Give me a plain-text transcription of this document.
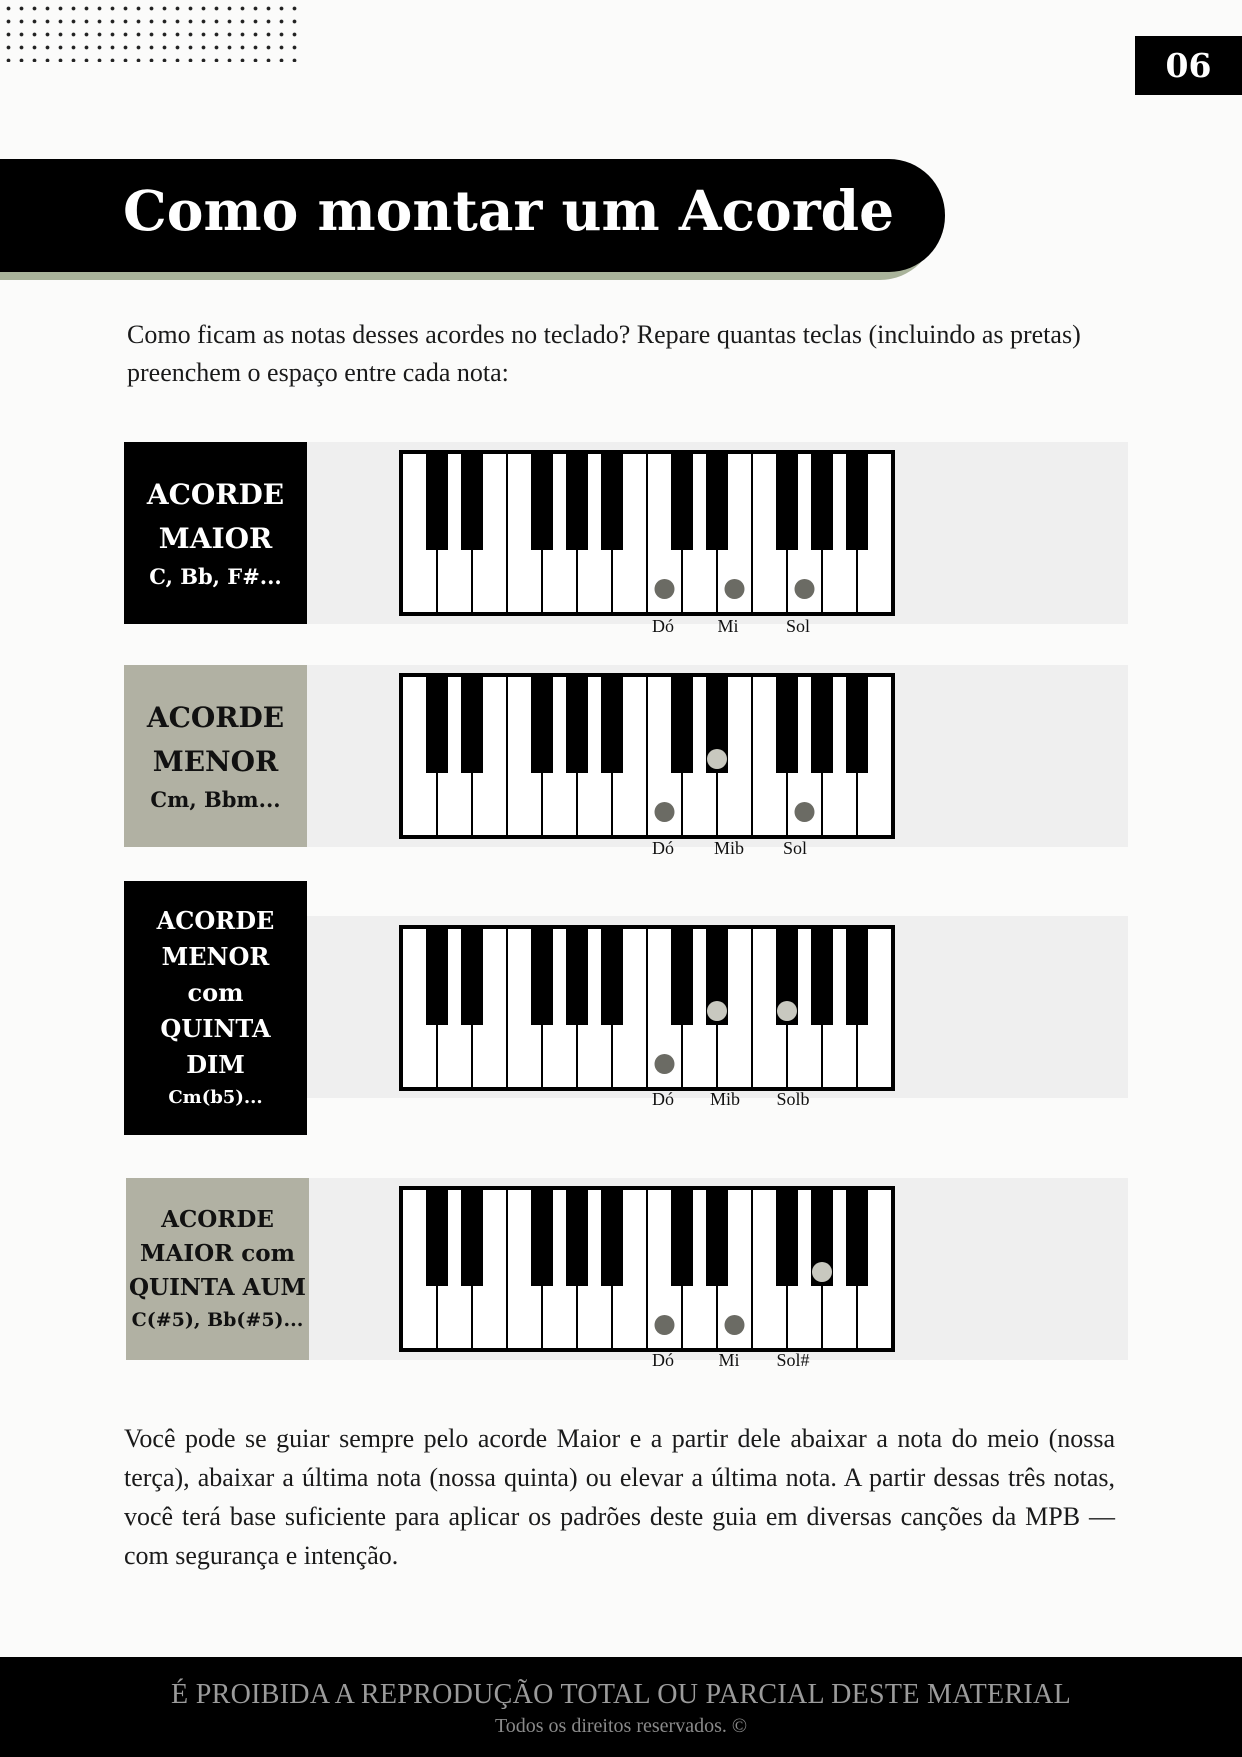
06
Como montar um Acorde

Como ficam as notas desses acordes no teclado? Repare quantas teclas (incluindo as pretas) preenchem o espaço entre cada nota:

ACORDE
MAIOR
C, Bb, F#...
Dó Mi	Sol
ACORDE
MENOR
Cm, Bbm...
Dó Mib Sol
ACORDE
MENOR
com
QUINTA
DIM
Cm(b5)...	Dó Mib Solb
ACORDE
MAIOR com
QUINTA AUM
C(#5), Bb(#5)...
Dó Mi Sol#

Você pode se guiar sempre pelo acorde Maior e a partir dele abaixar a nota do meio (nossa terça), abaixar a última nota (nossa quinta) ou elevar a última nota. A partir dessas três notas, você terá base suficiente para aplicar os padrões deste guia em diversas canções da MPB — com segurança e intenção.

É PROIBIDA A REPRODUÇÃO TOTAL OU PARCIAL DESTE MATERIAL
Todos os direitos reservados. ©
